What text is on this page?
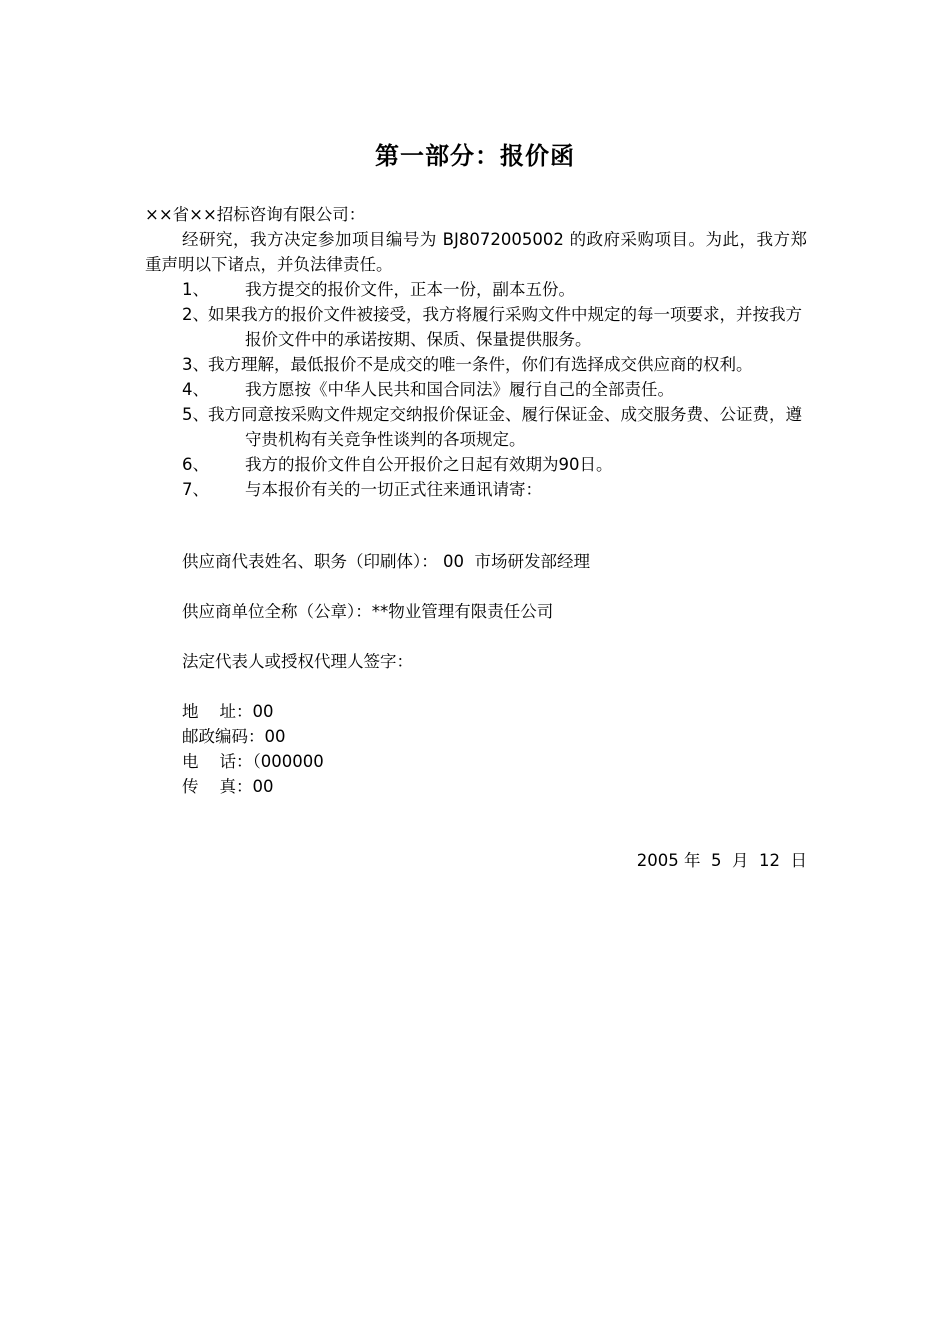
第一部分：报价函
××省××招标咨询有限公司：
经研究，我方决定参加项目编号为 BJ8072005002 的政府采购项目。为此，我方郑重声明以下诸点，并负法律责任。
1、	我方提交的报价文件，正本一份，副本五份。
2、 如果我方的报价文件被接受，我方将履行采购文件中规定的每一项要求，并按我方报价文件中的承诺按期、保质、保量提供服务。
3、 我方理解，最低报价不是成交的唯一条件，你们有选择成交供应商的权利。
4、	我方愿按《中华人民共和国合同法》履行自己的全部责任。
5、 我方同意按采购文件规定交纳报价保证金、履行保证金、成交服务费、公证费，遵守贵机构有关竞争性谈判的各项规定。
6、	我方的报价文件自公开报价之日起有效期为90日。
7、	与本报价有关的一切正式往来通讯请寄：
供应商代表姓名、职务（印刷体）： 00  市场研发部经理
供应商单位全称（公章）：**物业管理有限责任公司
法定代表人或授权代理人签字：
地    址：00
邮政编码：00
电    话：（000000
传    真：00
2005 年  5  月  12  日
